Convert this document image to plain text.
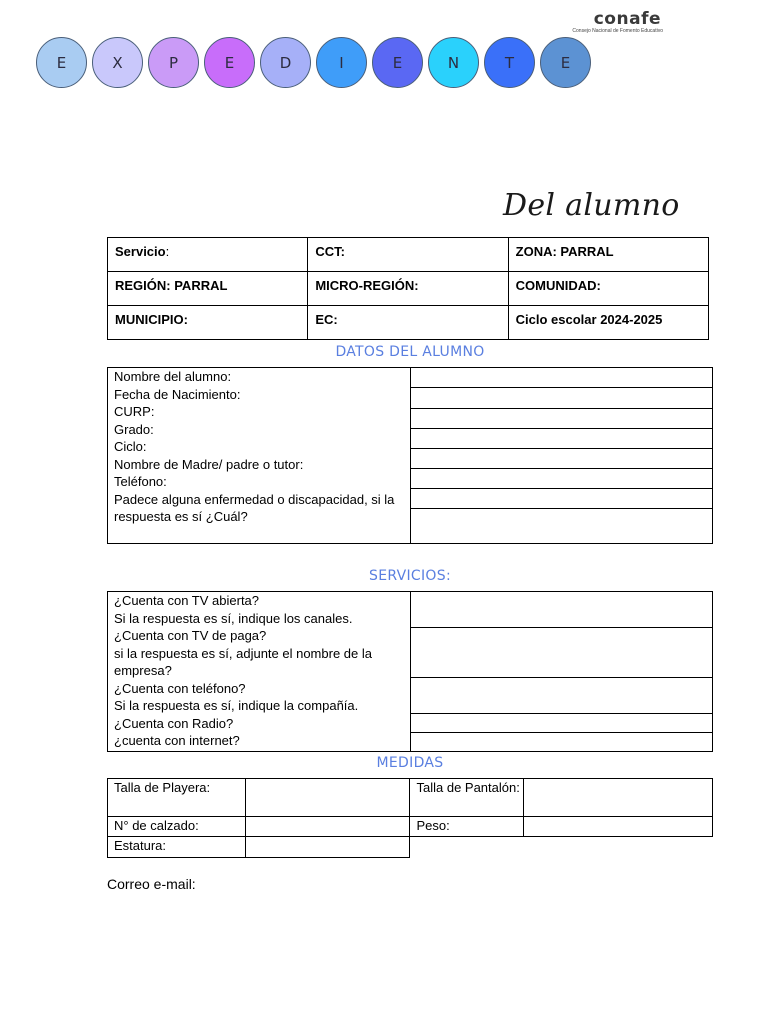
E	X	P	E	D	I	E	N	T	E
conafe
Consejo Nacional de Fomento Educativo
Del alumno
Servicio:	CCT:	ZONA: PARRAL
REGIÓN: PARRAL	MICRO-REGIÓN:	COMUNIDAD:
MUNICIPIO:	EC:	Ciclo escolar 2024-2025
DATOS DEL ALUMNO
Nombre del alumno:
Fecha de Nacimiento:
CURP:
Grado:
Ciclo:
Nombre de Madre/ padre o tutor:
Teléfono:
Padece alguna enfermedad o discapacidad, si la respuesta es sí ¿Cuál?

SERVICIOS:
¿Cuenta con TV abierta?
Si la respuesta es sí, indique los canales.
¿Cuenta con TV de paga?
si la respuesta es sí, adjunte el nombre de la empresa?
¿Cuenta con teléfono?
Si la respuesta es sí, indique la compañía.
¿Cuenta con Radio?
¿cuenta con internet?

MEDIDAS
Talla de Playera:		Talla de Pantalón:	
N° de calzado:		Peso:	
Estatura:			
Correo e-mail:
